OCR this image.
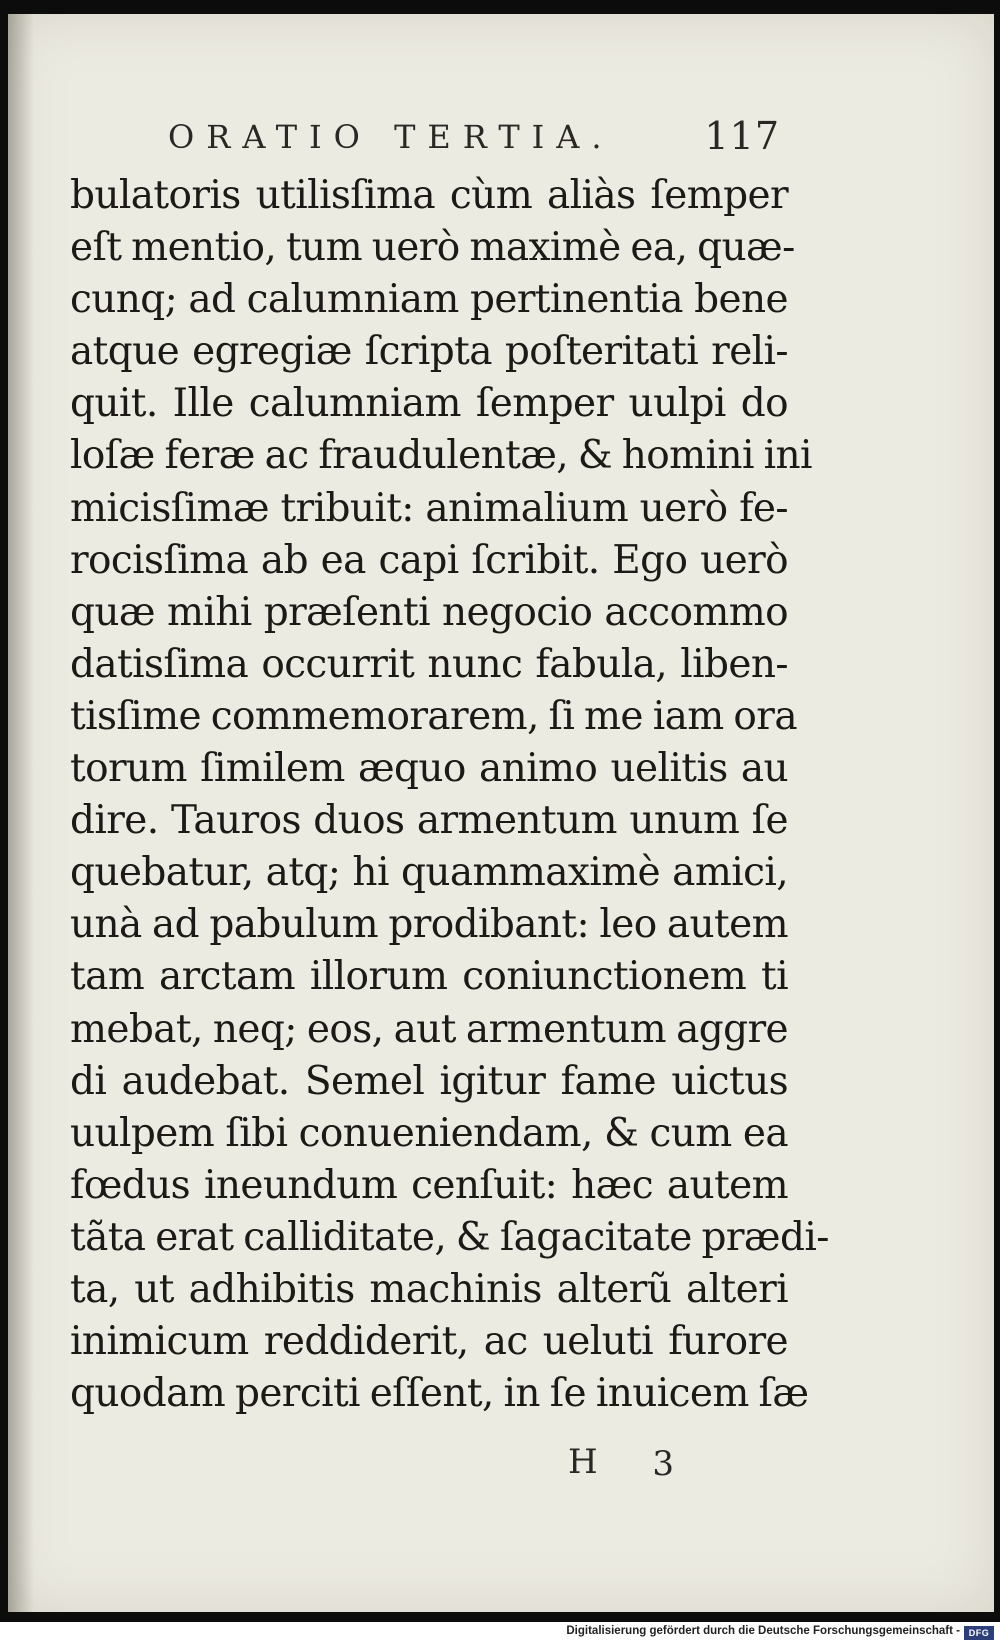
ORATIO TERTIA. 117
bulatoris utilisſima cùm aliàs ſemper
eſt mentio, tum uerò maximè ea, quæ-
cunq; ad calumniam pertinentia bene
atque egregiæ ſcripta poſteritati reli-
quit. Ille calumniam ſemper uulpi do
loſæ feræ ac fraudulentæ, & homini ini
micisſimæ tribuit: animalium uerò fe-
rocisſima ab ea capi ſcribit. Ego uerò
quæ mihi præſenti negocio accommo
datisſima occurrit nunc fabula, liben-
tisſime commemorarem, ſi me iam ora
torum ſimilem æquo animo uelitis au
dire. Tauros duos armentum unum ſe
quebatur, atq; hi quammaximè amici,
unà ad pabulum prodibant: leo autem
tam arctam illorum coniunctionem ti
mebat, neq; eos, aut armentum aggre
di audebat. Semel igitur fame uictus
uulpem ſibi conueniendam, & cum ea
fœdus ineundum cenſuit: hæc autem
tãta erat calliditate, & ſagacitate prædi-
ta, ut adhibitis machinis alterũ alteri
inimicum reddiderit, ac ueluti furore
quodam perciti eſſent, in ſe inuicem ſæ
H 3
Digitalisierung gefördert durch die Deutsche Forschungsgemeinschaft - DFG
